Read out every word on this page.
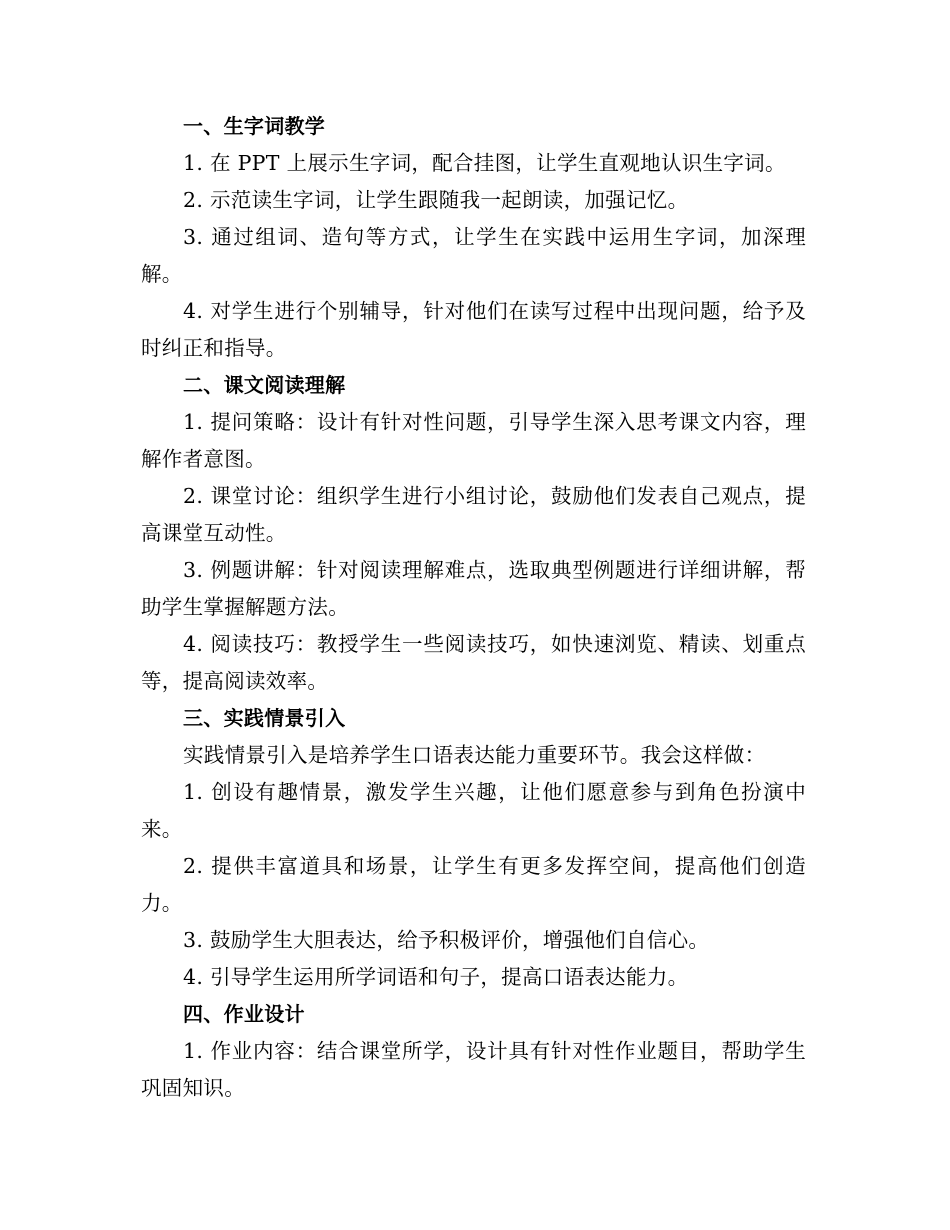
一、生字词教学

1. 在 PPT 上展示生字词，配合挂图，让学生直观地认识生字词。

2. 示范读生字词，让学生跟随我一起朗读，加强记忆。

3. 通过组词、造句等方式，让学生在实践中运用生字词，加深理解。

4. 对学生进行个别辅导，针对他们在读写过程中出现问题，给予及时纠正和指导。

二、课文阅读理解

1. 提问策略：设计有针对性问题，引导学生深入思考课文内容，理解作者意图。

2. 课堂讨论：组织学生进行小组讨论，鼓励他们发表自己观点，提高课堂互动性。

3. 例题讲解：针对阅读理解难点，选取典型例题进行详细讲解，帮助学生掌握解题方法。

4. 阅读技巧：教授学生一些阅读技巧，如快速浏览、精读、划重点等，提高阅读效率。

三、实践情景引入

实践情景引入是培养学生口语表达能力重要环节。我会这样做：

1. 创设有趣情景，激发学生兴趣，让他们愿意参与到角色扮演中来。

2. 提供丰富道具和场景，让学生有更多发挥空间，提高他们创造力。

3. 鼓励学生大胆表达，给予积极评价，增强他们自信心。

4. 引导学生运用所学词语和句子，提高口语表达能力。

四、作业设计

1. 作业内容：结合课堂所学，设计具有针对性作业题目，帮助学生巩固知识。
